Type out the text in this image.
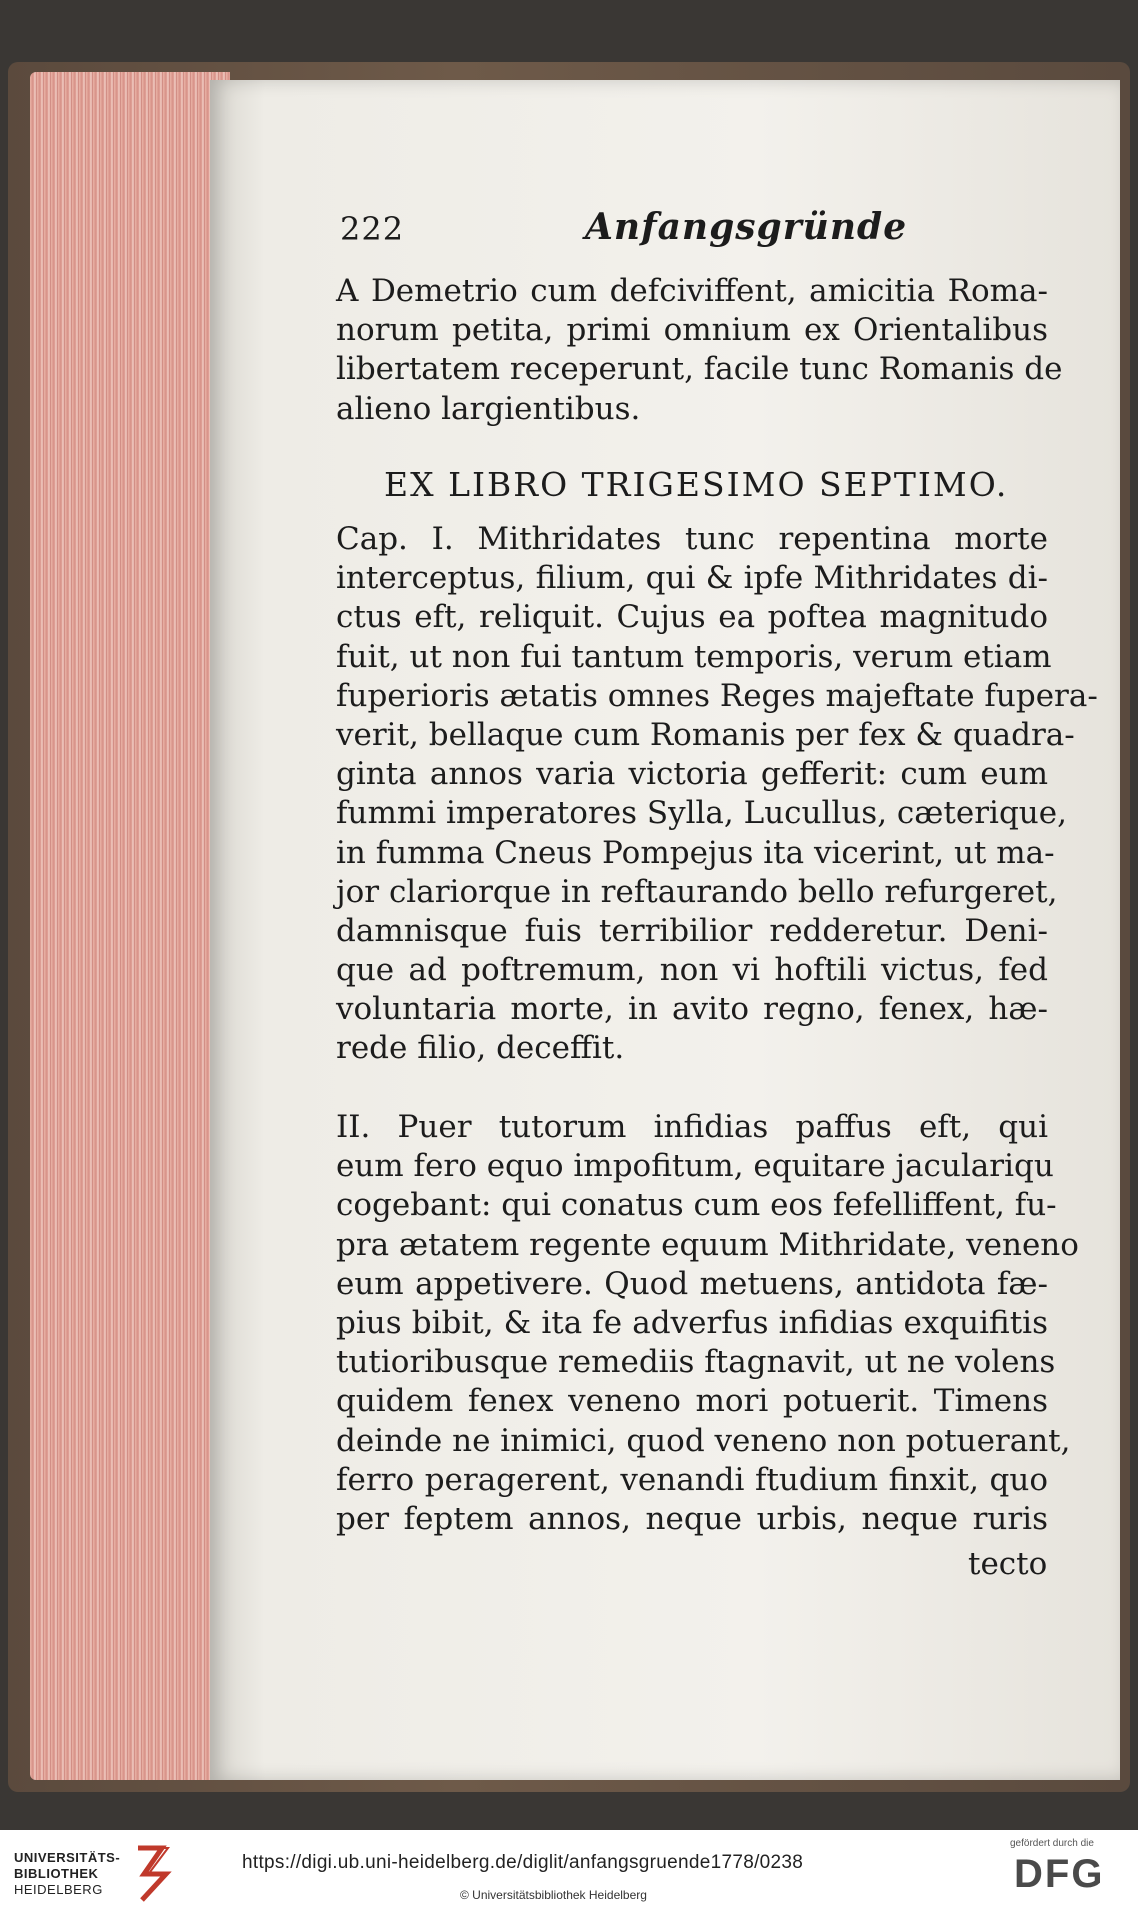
222	Anfangsgründe
A Demetrio cum defciviffent, amicitia Roma-
norum petita, primi omnium ex Orientalibus
libertatem receperunt, facile tunc Romanis de
alieno largientibus.
EX LIBRO TRIGESIMO SEPTIMO.
Cap. I. Mithridates tunc repentina morte
interceptus, filium, qui & ipfe Mithridates di-
ctus eft, reliquit. Cujus ea poftea magnitudo
fuit, ut non fui tantum temporis, verum etiam
fuperioris ætatis omnes Reges majeftate fupera-
verit, bellaque cum Romanis per fex & quadra-
ginta annos varia victoria gefferit: cum eum
fummi imperatores Sylla, Lucullus, cæterique,
in fumma Cneus Pompejus ita vicerint, ut ma-
jor clariorque in reftaurando bello refurgeret,
damnisque fuis terribilior redderetur. Deni-
que ad poftremum, non vi hoftili victus, fed
voluntaria morte, in avito regno, fenex, hæ-
rede filio, deceffit.
II. Puer tutorum infidias paffus eft, qui
eum fero equo impofitum, equitare jaculariqu
cogebant: qui conatus cum eos fefelliffent, fu-
pra ætatem regente equum Mithridate, veneno
eum appetivere. Quod metuens, antidota fæ-
pius bibit, & ita fe adverfus infidias exquifitis
tutioribusque remediis ftagnavit, ut ne volens
quidem fenex veneno mori potuerit. Timens
deinde ne inimici, quod veneno non potuerant,
ferro peragerent, venandi ftudium finxit, quo
per feptem annos, neque urbis, neque ruris
tecto
UNIVERSITÄTS-
BIBLIOTHEK
HEIDELBERG
https://digi.ub.uni-heidelberg.de/diglit/anfangsgruende1778/0238
© Universitätsbibliothek Heidelberg
gefördert durch die
DFG
